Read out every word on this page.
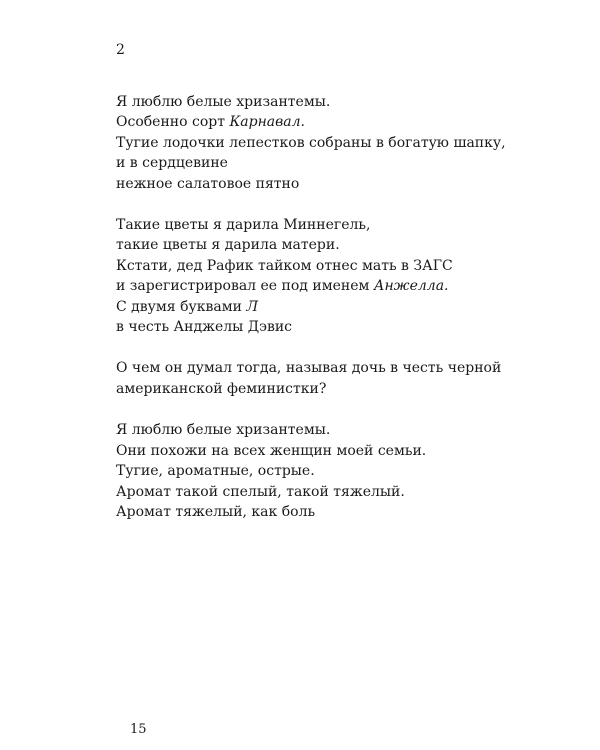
2
Я люблю белые хризантемы.
Особенно сорт Карнавал.
Тугие лодочки лепестков собраны в богатую шапку,
и в сердцевине
нежное салатовое пятно
Такие цветы я дарила Миннегель,
такие цветы я дарила матери.
Кстати, дед Рафик тайком отнес мать в ЗАГС
и зарегистрировал ее под именем Анжелла.
С двумя буквами Л
в честь Анджелы Дэвис
О чем он думал тогда, называя дочь в честь черной
американской феминистки?
Я люблю белые хризантемы.
Они похожи на всех женщин моей семьи.
Тугие, ароматные, острые.
Аромат такой спелый, такой тяжелый.
Аромат тяжелый, как боль
15
